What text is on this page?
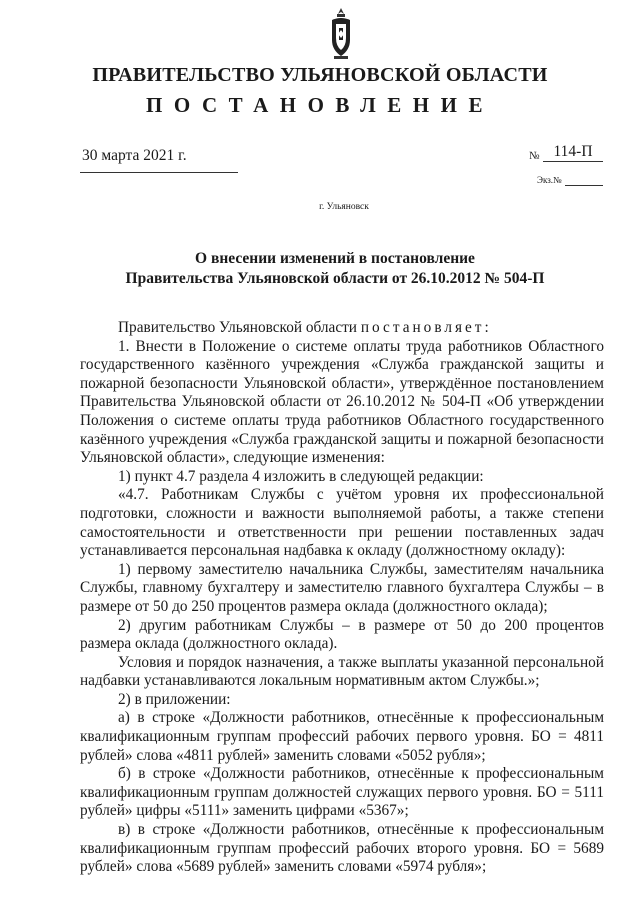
ПРАВИТЕЛЬСТВО УЛЬЯНОВСКОЙ ОБЛАСТИ
ПОСТАНОВЛЕНИЕ
30 марта 2021 г.	№ 114-П
Экз.№
г. Ульяновск
О внесении изменений в постановление
Правительства Ульяновской области от 26.10.2012 № 504-П

Правительство Ульяновской области постановляет:

1. Внести в Положение о системе оплаты труда работников Областного государственного казённого учреждения «Служба гражданской защиты и пожарной безопасности Ульяновской области», утверждённое постановлением Правительства Ульяновской области от 26.10.2012 № 504-П «Об утверждении Положения о системе оплаты труда работников Областного государственного казённого учреждения «Служба гражданской защиты и пожарной безопасности Ульяновской области», следующие изменения:

1) пункт 4.7 раздела 4 изложить в следующей редакции:

«4.7. Работникам Службы с учётом уровня их профессиональной подготовки, сложности и важности выполняемой работы, а также степени самостоятельности и ответственности при решении поставленных задач устанавливается персональная надбавка к окладу (должностному окладу):

1) первому заместителю начальника Службы, заместителям начальника Службы, главному бухгалтеру и заместителю главного бухгалтера Службы – в размере от 50 до 250 процентов размера оклада (должностного оклада);

2) другим работникам Службы – в размере от 50 до 200 процентов размера оклада (должностного оклада).

Условия и порядок назначения, а также выплаты указанной персональной надбавки устанавливаются локальным нормативным актом Службы.»;

2) в приложении:

а) в строке «Должности работников, отнесённые к профессиональным квалификационным группам профессий рабочих первого уровня. БО = 4811 рублей» слова «4811 рублей» заменить словами «5052 рубля»;

б) в строке «Должности работников, отнесённые к профессиональным квалификационным группам должностей служащих первого уровня. БО = 5111 рублей» цифры «5111» заменить цифрами «5367»;

в) в строке «Должности работников, отнесённые к профессиональным квалификационным группам профессий рабочих второго уровня. БО = 5689 рублей» слова «5689 рублей» заменить словами «5974 рубля»;
